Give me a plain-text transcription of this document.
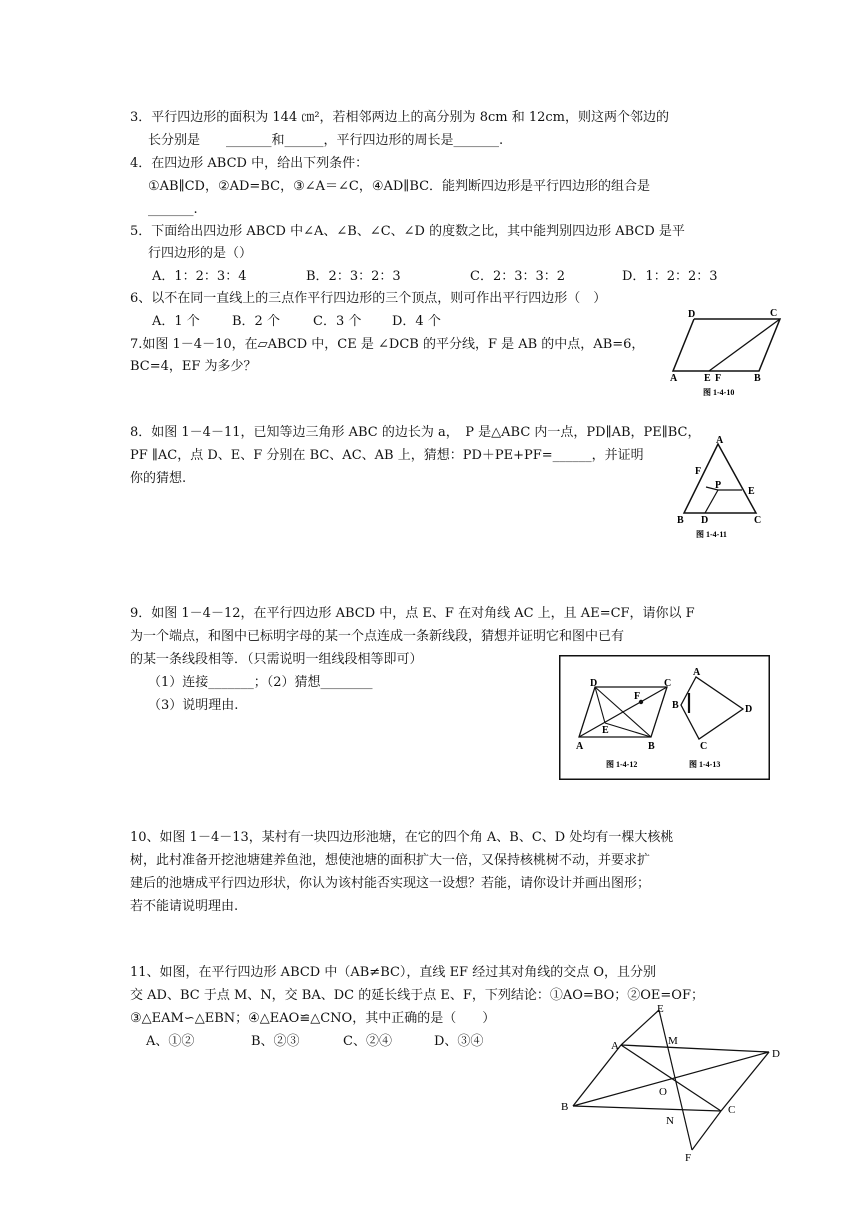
3．平行四边形的面积为 144 ㎝²，若相邻两边上的高分别为 8cm 和 12cm，则这两个邻边的
长分别是　　_______和______，平行四边形的周长是_______.
4．在四边形 ABCD 中，给出下列条件：
①AB∥CD，②AD=BC，③∠A＝∠C，④AD∥BC．能判断四边形是平行四边形的组合是
_______.
5．下面给出四边形 ABCD 中∠A、∠B、∠C、∠D 的度数之比，其中能判别四边形 ABCD 是平
行四边形的是（）
A．1：2：3：4	B．2：3：2：3	C．2：3：3：2	D．1：2：2：3
6、以不在同一直线上的三点作平行四边形的三个顶点，则可作出平行四边形（　）
A．1 个 B．2 个	C．3 个 D．4 个
7.如图 1－4－10，在▱ABCD 中，CE 是 ∠DCB 的平分线，F 是 AB 的中点，AB=6，
BC=4，EF 为多少？
D	C
A	E F	B
图 1-4-10
8．如图 1－4－11，已知等边三角形 ABC 的边长为 a，　P 是△ABC 内一点，PD∥AB，PE∥BC，
PF ∥AC，点 D、E、F 分别在 BC、AC、AB 上，猜想：PD＋PE+PF=______，并证明
你的猜想.
A
F
P
E
B D	C
图 1-4-11
9．如图 1－4－12，在平行四边形 ABCD 中，点 E、F 在对角线 AC 上，且 AE=CF，请你以 F
为一个端点，和图中已标明字母的某一个点连成一条新线段，猜想并证明它和图中已有
的某一条线段相等．（只需说明一组线段相等即可）
（1）连接_______；（2）猜想________
（3）说明理由.
D	C
F
E
A	B
图 1-4-12
A
B
C
D
图 1-4-13
10、如图 1－4－13，某村有一块四边形池塘，在它的四个角 A、B、C、D 处均有一棵大核桃
树，此村准备开挖池塘建养鱼池，想使池塘的面积扩大一倍，又保持核桃树不动，并要求扩
建后的池塘成平行四边形状，你认为该村能否实现这一设想？若能，请你设计并画出图形；
若不能请说明理由.
11、如图，在平行四边形 ABCD 中（AB≠BC），直线 EF 经过其对角线的交点 O，且分别
交 AD、BC 于点 M、N，交 BA、DC 的延长线于点 E、F，下列结论：①AO=BO；②OE=OF；
③△EAM∽△EBN；④△EAO≌△CNO，其中正确的是（　　）
A、①②	B、②③	C、②④	D、③④
E
A	M
D
O
B	C
N
F
